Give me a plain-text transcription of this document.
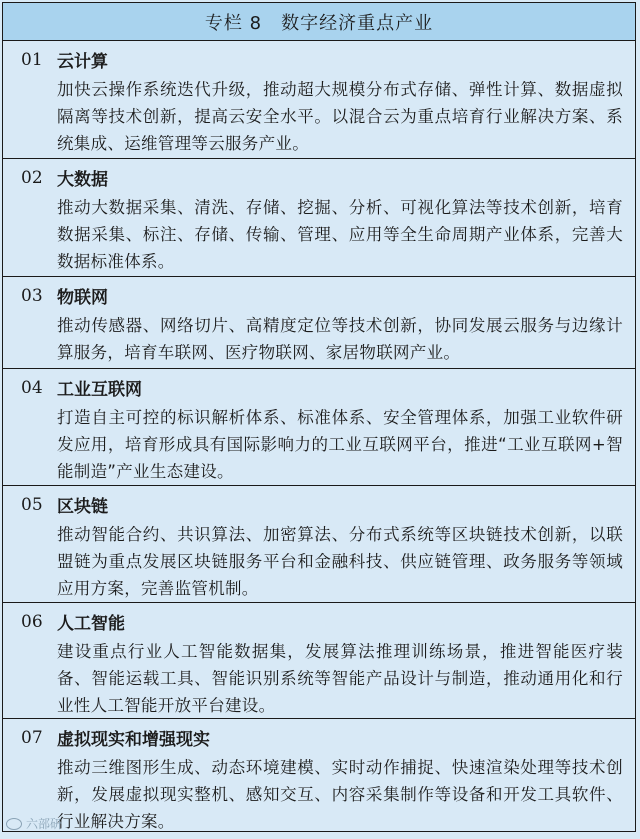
专栏 8　数字经济重点产业
01 云计算
加快云操作系统迭代升级，推动超大规模分布式存储、弹性计算、数据虚拟隔离等技术创新，提高云安全水平。以混合云为重点培育行业解决方案、系统集成、运维管理等云服务产业。
02 大数据
推动大数据采集、清洗、存储、挖掘、分析、可视化算法等技术创新，培育数据采集、标注、存储、传输、管理、应用等全生命周期产业体系，完善大数据标准体系。
03 物联网
推动传感器、网络切片、高精度定位等技术创新，协同发展云服务与边缘计算服务，培育车联网、医疗物联网、家居物联网产业。
04 工业互联网
打造自主可控的标识解析体系、标准体系、安全管理体系，加强工业软件研发应用，培育形成具有国际影响力的工业互联网平台，推进“工业互联网+智能制造”产业生态建设。
05 区块链
推动智能合约、共识算法、加密算法、分布式系统等区块链技术创新，以联盟链为重点发展区块链服务平台和金融科技、供应链管理、政务服务等领域应用方案，完善监管机制。
06 人工智能
建设重点行业人工智能数据集，发展算法推理训练场景，推进智能医疗装备、智能运载工具、智能识别系统等智能产品设计与制造，推动通用化和行业性人工智能开放平台建设。
07 虚拟现实和增强现实
推动三维图形生成、动态环境建模、实时动作捕捉、快速渲染处理等技术创新，发展虚拟现实整机、感知交互、内容采集制作等设备和开发工具软件、行业解决方案。
六部研
